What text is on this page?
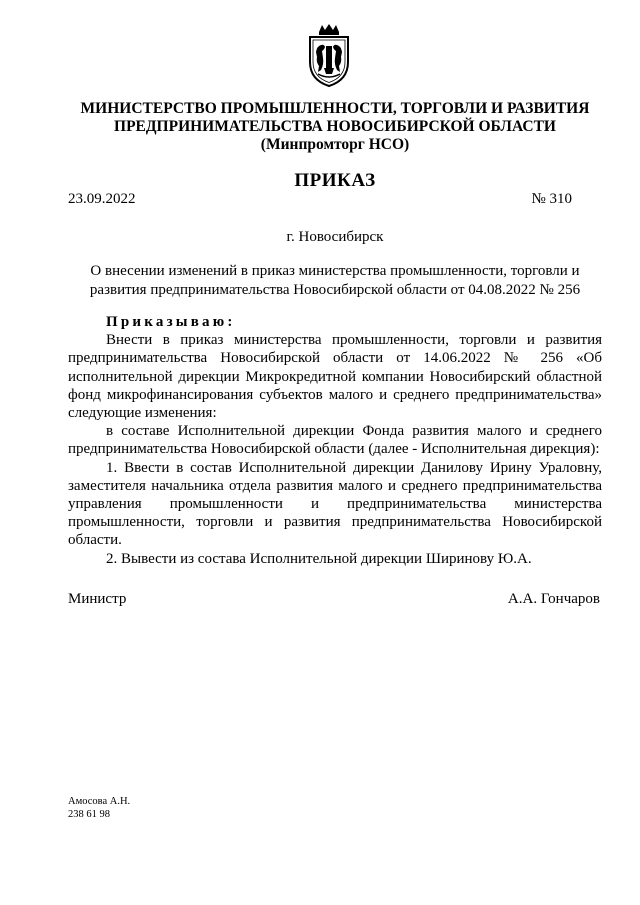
МИНИСТЕРСТВО ПРОМЫШЛЕННОСТИ, ТОРГОВЛИ И РАЗВИТИЯ
ПРЕДПРИНИМАТЕЛЬСТВА НОВОСИБИРСКОЙ ОБЛАСТИ
(Минпромторг НСО)
ПРИКАЗ
23.09.2022	№ 310
г. Новосибирск
О внесении изменений в приказ министерства промышленности, торговли и развития предпринимательства Новосибирской области от 04.08.2022 № 256

Приказываю:

Внести в приказ министерства промышленности, торговли и развития предпринимательства Новосибирской области от 14.06.2022 № 256 «Об исполнительной дирекции Микрокредитной компании Новосибирский областной фонд микрофинансирования субъектов малого и среднего предпринимательства» следующие изменения:

в составе Исполнительной дирекции Фонда развития малого и среднего предпринимательства Новосибирской области (далее - Исполнительная дирекция):

1. Ввести в состав Исполнительной дирекции Данилову Ирину Ураловну, заместителя начальника отдела развития малого и среднего предпринимательства управления промышленности и предпринимательства министерства промышленности, торговли и развития предпринимательства Новосибирской области.

2. Вывести из состава Исполнительной дирекции Ширинову Ю.А.

Министр	А.А. Гончаров
Амосова А.Н.
238 61 98
